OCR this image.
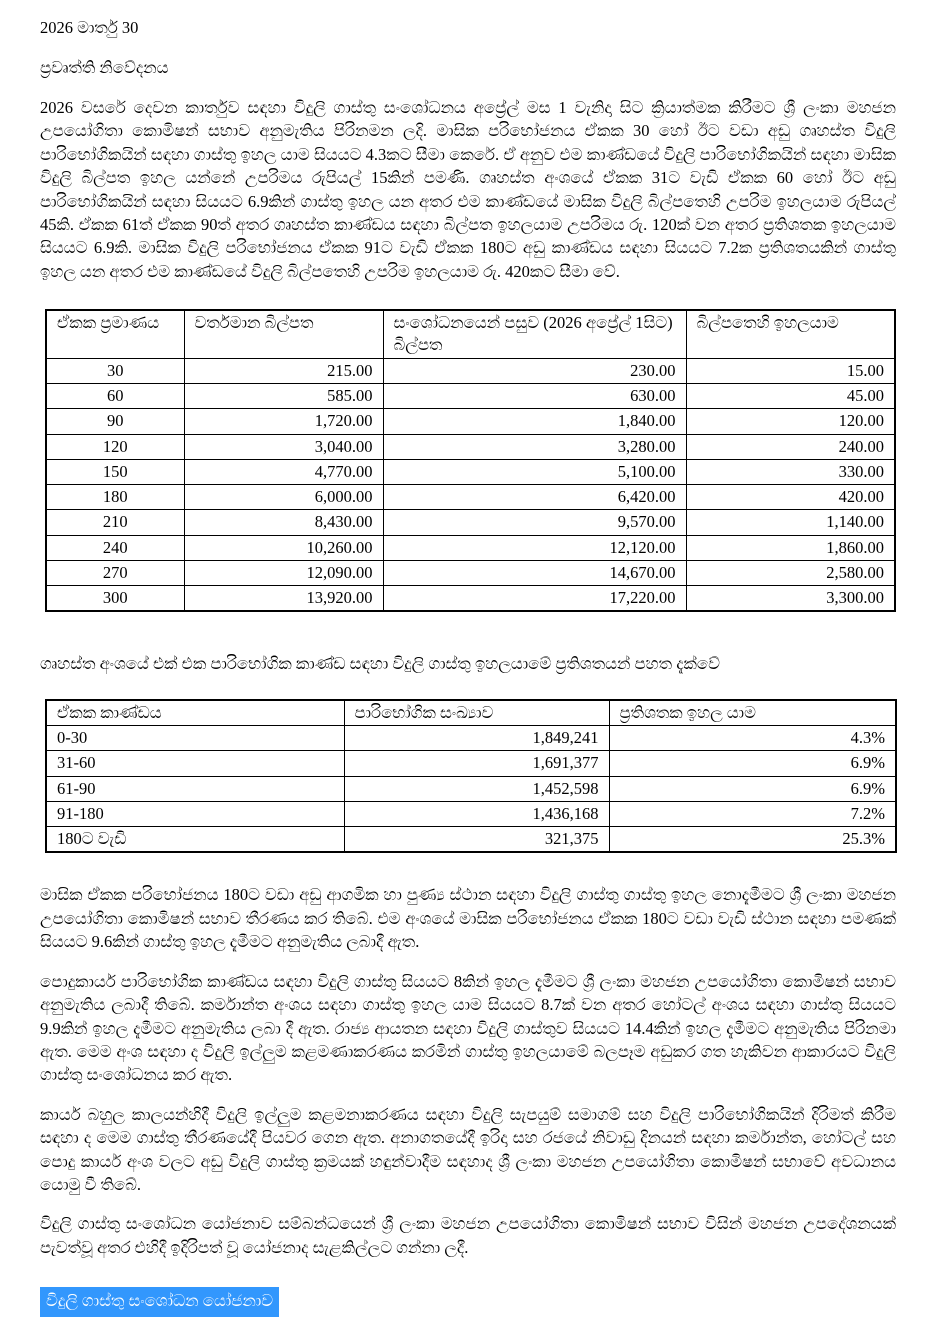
2026 මාර්තු 30

ප්‍රවෘත්ති නිවේදනය

2026 වසරේ දෙවන කාර්තුව සඳහා විදුලි ගාස්තු සංශෝධනය අප්‍රේල් මස 1 වැනිදා සිට ක්‍රියාත්මක කිරීමට ශ්‍රී ලංකා මහජන උපයෝගිතා කොමිෂන් සභාව අනුමැතිය පිරිනමන ලදි. මාසික පරිභෝජනය ඒකක 30 හෝ ඊට වඩා අඩු ගෘහස්ත විදුලි පාරිභෝගිකයින් සඳහා ගාස්තු ඉහල යාම සියයට 4.3කට සීමා කෙරේ. ඒ අනුව එම කාණ්ඩයේ විදුලි පාරිභෝගිකයින් සඳහා මාසික විදුලි බිල්පත ඉහල යන්නේ උපරිමය රුපියල් 15කින් පමණි. ගෘහස්ත අංශයේ ඒකක 31ට වැඩි ඒකක 60 හෝ ඊට අඩු පාරිභෝගිකයින් සඳහා සියයට 6.9කින් ගාස්තු ඉහල යන අතර එම කාණ්ඩයේ මාසික විදුලි බිල්පතෙහි උපරිම ඉහලයාම රුපියල් 45කි. ඒකක 61ත් ඒකක 90ත් අතර ගෘහස්ත කාණ්ඩය සඳහා බිල්පත ඉහලයාම උපරිමය රු. 120ක් වන අතර ප්‍රතිශතක ඉහලයාම සියයට 6.9කි. මාසික විදුලි පරිභෝජනය ඒකක 91ට වැඩි ඒකක 180ට අඩු කාණ්ඩය සඳහා සියයට 7.2ක ප්‍රතිශතයකින් ගාස්තු ඉහල යන අතර එම කාණ්ඩයේ විදුලි බිල්පතෙහි උපරිම ඉහලයාම රු. 420කට සීමා වේ.

ඒකක ප්‍රමාණය	වර්තමාන බිල්පත	සංශෝධනයෙන් පසුව (2026 අප්‍රේල් 1සිට) බිල්පත	බිල්පතෙහි ඉහලයාම
30	215.00	230.00	15.00
60	585.00	630.00	45.00
90	1,720.00	1,840.00	120.00
120	3,040.00	3,280.00	240.00
150	4,770.00	5,100.00	330.00
180	6,000.00	6,420.00	420.00
210	8,430.00	9,570.00	1,140.00
240	10,260.00	12,120.00	1,860.00
270	12,090.00	14,670.00	2,580.00
300	13,920.00	17,220.00	3,300.00

ගෘහස්ත අංශයේ එක් එක පාරිභෝගික කාණ්ඩ සඳහා විදුලි ගාස්තු ඉහලයාමේ ප්‍රතිශතයන් පහත දැක්වේ

ඒකක කාණ්ඩය	පාරිභෝගික සංඛ්‍යාව	ප්‍රතිශතක ඉහල යාම
0-30	1,849,241	4.3%
31-60	1,691,377	6.9%
61-90	1,452,598	6.9%
91-180	1,436,168	7.2%
180ට වැඩි	321,375	25.3%

මාසික ඒකක පරිභෝජනය 180ට වඩා අඩු ආගමික හා පුණ්‍ය ස්ථාන සඳහා විදුලි ගාස්තු ගාස්තු ඉහල නොදැමීමට ශ්‍රී ලංකා මහජන උපයෝගිතා කොමිෂන් සභාව තීරණය කර තිබේ. එම අංශයේ මාසික පරිභෝජනය ඒකක 180ට වඩා වැඩි ස්ථාන සඳහා පමණක් සියයට 9.6කින් ගාස්තු ඉහල දැමීමට අනුමැතිය ලබාදී ඇත.

පොදුකාර්ය පාරිභෝගික කාණ්ඩය සඳහා විදුලි ගාස්තු සියයට 8කින් ඉහල දැමීමට ශ්‍රී ලංකා මහජන උපයෝගිතා කොමිෂන් සභාව අනුමැතිය ලබාදී තිබේ. කර්මාන්ත අංශය සඳහා ගාස්තු ඉහල යාම සියයට 8.7ක් වන අතර හෝටල් අංශය සඳහා ගාස්තු සියයට 9.9කින් ඉහල දැමීමට අනුමැතිය ලබා දී ඇත. රාජ්‍ය ආයතන සඳහා විදුලි ගාස්තුව සියයට 14.4කින් ඉහල දැමීමට අනුමැතිය පිරිනමා ඇත. මෙම අංශ සඳහා ද විදුලි ඉල්ලුම කළමණාකරණය කරමින් ගාස්තු ඉහලයාමේ බලපෑම අඩුකර ගත හැකිවන ආකාරයට විදුලි ගාස්තු සංශෝධනය කර ඇත.

කාර්ය බහුල කාලයන්හිදී විදුලි ඉල්ලුම කළමනාකරණය සඳහා විදුලි සැපයුම් සමාගම් සහ විදුලි පාරිභෝගිකයින් දිරිමත් කිරීම සඳහා ද මෙම ගාස්තු තීරණයේදී පියවර ගෙන ඇත. අනාගතයේදී ඉරිදා සහ රජයේ නිවාඩු දිනයන් සඳහා කර්මාන්ත, හෝටල් සහ පොදු කාර්ය අංශ වලට අඩු විදුලි ගාස්තු ක්‍රමයක් හඳුන්වාදීම සඳහාද ශ්‍රී ලංකා මහජන උපයෝගිතා කොමිෂන් සභාවේ අවධානය යොමු වී තිබේ.

විදුලි ගාස්තු සංශෝධන යෝජනාව සම්බන්ධයෙන් ශ්‍රී ලංකා මහජන උපයෝගිතා කොමිෂන් සභාව විසින් මහජන උපදේශනයක් පැවත්වූ අතර එහිදී ඉදිරිපත් වූ යෝජනාද සැළකිල්ලට ගන්නා ලදී.

විදුලි ගාස්තු සංශෝධන යෝජනාව
